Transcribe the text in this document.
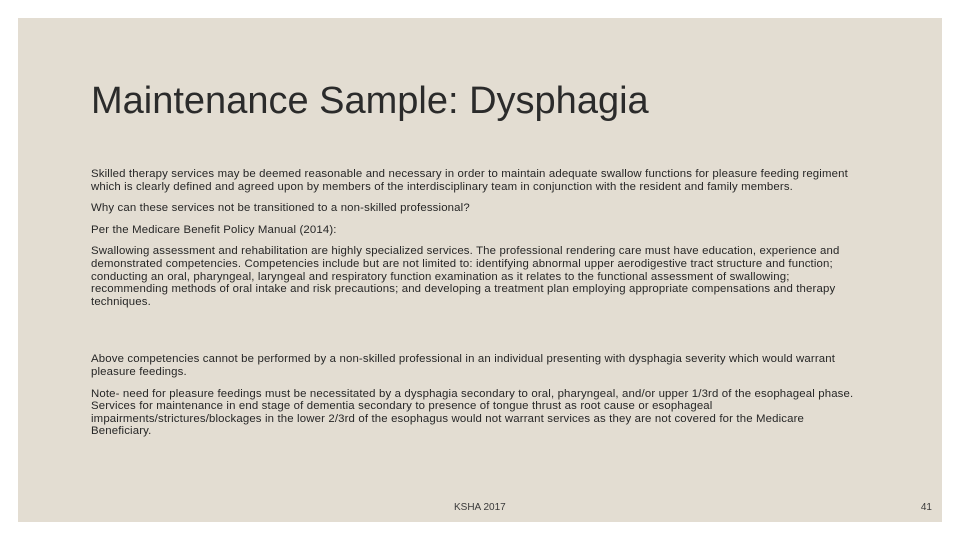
Maintenance Sample: Dysphagia

Skilled therapy services may be deemed reasonable and necessary in order to maintain adequate swallow functions for pleasure feeding regiment which is clearly defined and agreed upon by members of the interdisciplinary team in conjunction with the resident and family members.

Why can these services not be transitioned to a non-skilled professional?

Per the Medicare Benefit Policy Manual (2014):

Swallowing assessment and rehabilitation are highly specialized services. The professional rendering care must have education, experience and demonstrated competencies. Competencies include but are not limited to: identifying abnormal upper aerodigestive tract structure and function; conducting an oral, pharyngeal, laryngeal and respiratory function examination as it relates to the functional assessment of swallowing; recommending methods of oral intake and risk precautions; and developing a treatment plan employing appropriate compensations and therapy techniques.

Above competencies cannot be performed by a non-skilled professional in an individual presenting with dysphagia severity which would warrant pleasure feedings.

Note- need for pleasure feedings must be necessitated by a dysphagia secondary to oral, pharyngeal, and/or upper 1/3rd of the esophageal phase. Services for maintenance in end stage of dementia secondary to presence of tongue thrust as root cause or esophageal impairments/strictures/blockages in the lower 2/3rd of the esophagus would not warrant services as they are not covered for the Medicare Beneficiary.

KSHA 2017	41
